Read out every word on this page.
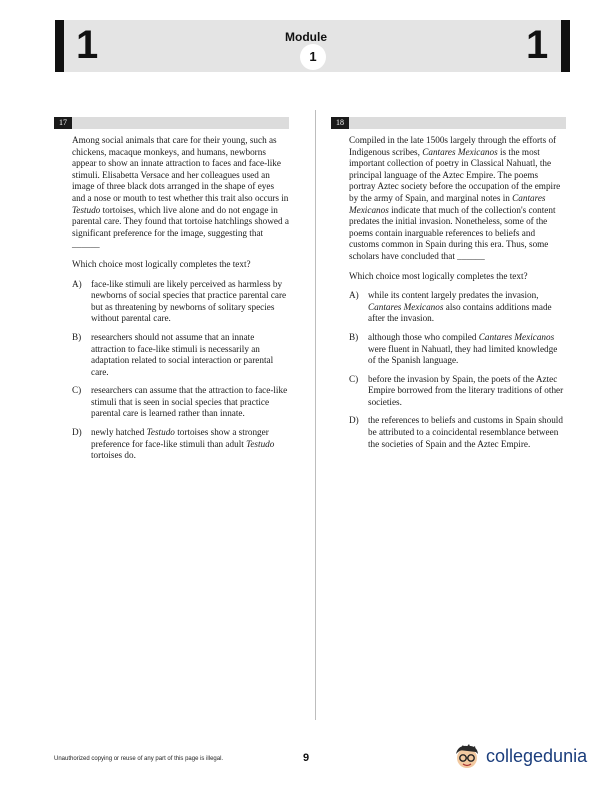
1	Module
1	1
17

Among social animals that care for their young, such as chickens, macaque monkeys, and humans, newborns appear to show an innate attraction to faces and face-like stimuli. Elisabetta Versace and her colleagues used an image of three black dots arranged in the shape of eyes and a nose or mouth to test whether this trait also occurs in Testudo tortoises, which live alone and do not engage in parental care. They found that tortoise hatchlings showed a significant preference for the image, suggesting that ______

Which choice most logically completes the text?

A) face-like stimuli are likely perceived as harmless by newborns of social species that practice parental care but as threatening by newborns of solitary species without parental care.
B) researchers should not assume that an innate attraction to face-like stimuli is necessarily an adaptation related to social interaction or parental care.
C) researchers can assume that the attraction to face-like stimuli that is seen in social species that practice parental care is learned rather than innate.
D) newly hatched Testudo tortoises show a stronger preference for face-like stimuli than adult Testudo tortoises do.
18

Compiled in the late 1500s largely through the efforts of Indigenous scribes, Cantares Mexicanos is the most important collection of poetry in Classical Nahuatl, the principal language of the Aztec Empire. The poems portray Aztec society before the occupation of the empire by the army of Spain, and marginal notes in Cantares Mexicanos indicate that much of the collection's content predates the initial invasion. Nonetheless, some of the poems contain inarguable references to beliefs and customs common in Spain during this era. Thus, some scholars have concluded that ______

Which choice most logically completes the text?

A) while its content largely predates the invasion, Cantares Mexicanos also contains additions made after the invasion.
B) although those who compiled Cantares Mexicanos were fluent in Nahuatl, they had limited knowledge of the Spanish language.
C) before the invasion by Spain, the poets of the Aztec Empire borrowed from the literary traditions of other societies.
D) the references to beliefs and customs in Spain should be attributed to a coincidental resemblance between the societies of Spain and the Aztec Empire.
Unauthorized copying or reuse of any part of this page is illegal.	9	collegedunia
